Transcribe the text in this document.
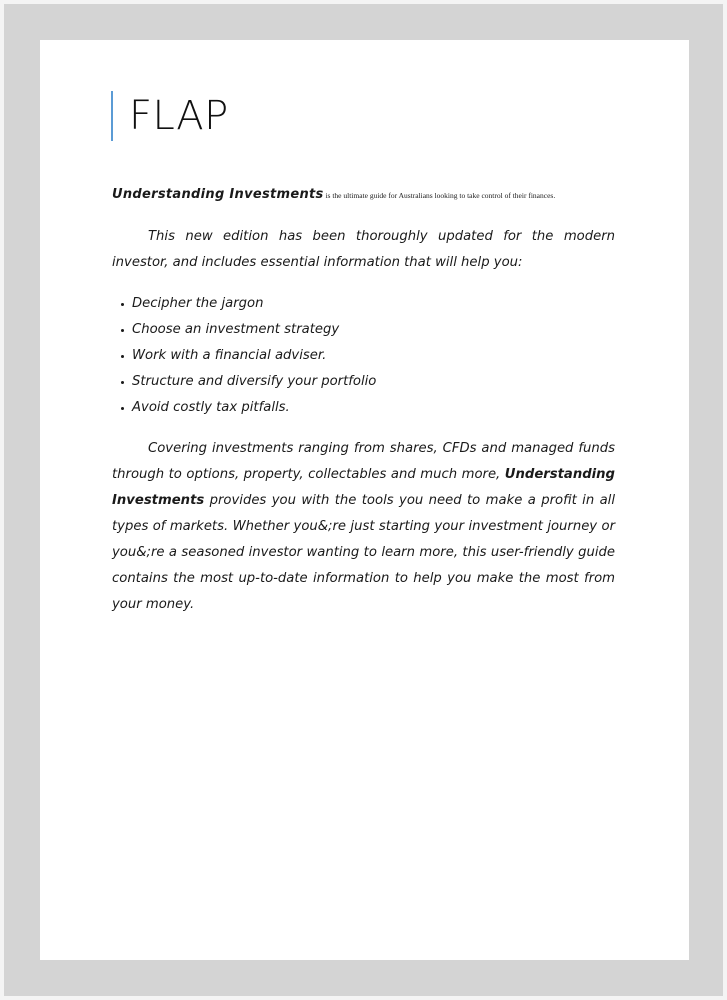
FLAP

Understanding Investments is the ultimate guide for Australians looking to take control of their finances.

This new edition has been thoroughly updated for the modern investor, and includes essential information that will help you:

Decipher the jargon
Choose an investment strategy
Work with a financial adviser.
Structure and diversify your portfolio
Avoid costly tax pitfalls.

Covering investments ranging from shares, CFDs and managed funds through to options, property, collectables and much more, Understanding Investments provides you with the tools you need to make a profit in all types of markets. Whether you&;re just starting your investment journey or you&;re a seasoned investor wanting to learn more, this user-friendly guide contains the most up-to-date information to help you make the most from your money.
